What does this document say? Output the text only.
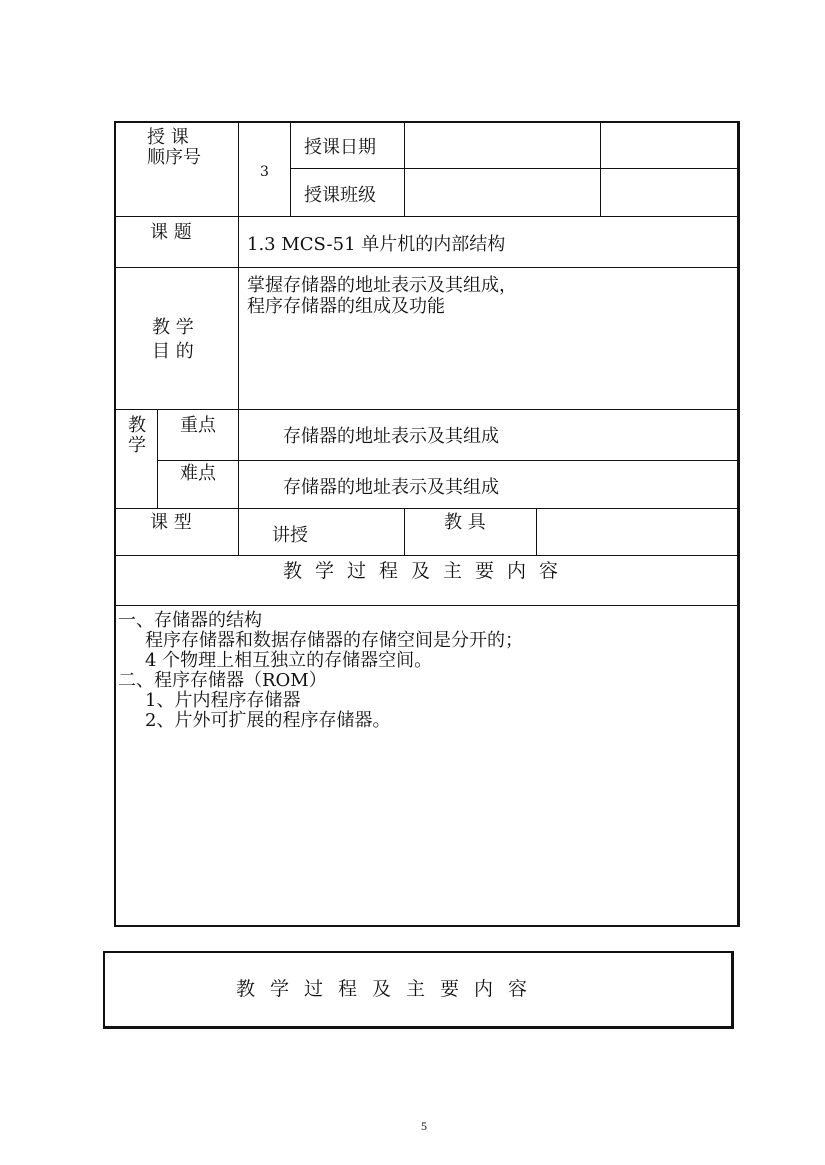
授 课
顺序号
3
授课日期
授课班级
课 题
1.3 MCS-51 单片机的内部结构
掌握存储器的地址表示及其组成，
程序存储器的组成及功能
教 学
目 的
教
学
重点
存储器的地址表示及其组成
难点
存储器的地址表示及其组成
课 型
讲授
教 具
教学过程及主要内容
一、存储器的结构
程序存储器和数据存储器的存储空间是分开的；
4 个物理上相互独立的存储器空间。
二、程序存储器（ROM）
1、片内程序存储器
2、片外可扩展的程序存储器。
教学过程及主要内容
5
